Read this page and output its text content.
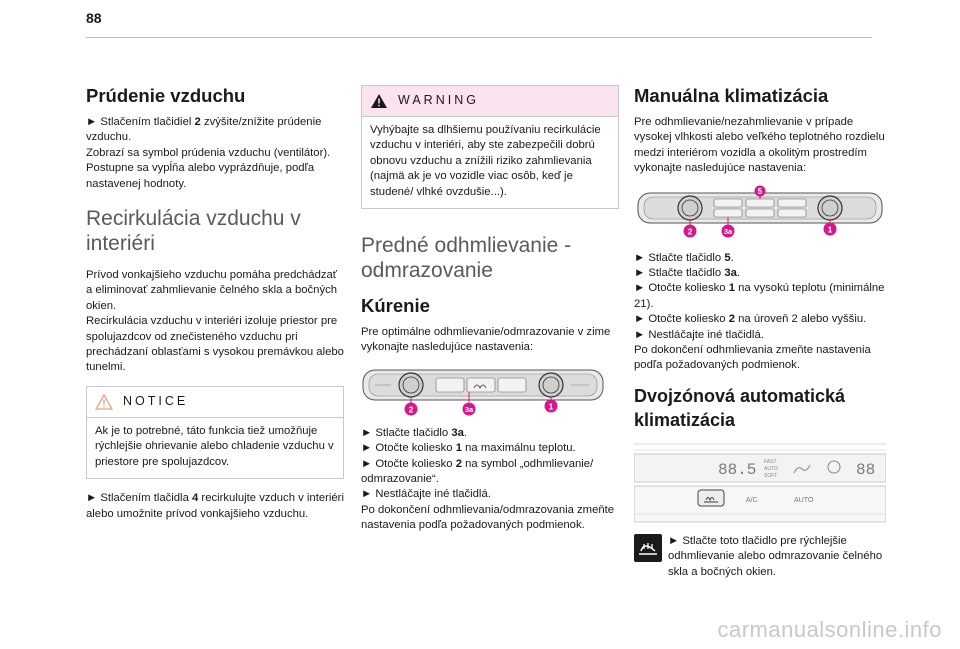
88
Prúdenie vzduchu

► Stlačením tlačidiel 2 zvýšite/znížite prúdenie vzduchu.
Zobrazí sa symbol prúdenia vzduchu (ventilátor).
Postupne sa vypĺňa alebo vyprázdňuje, podľa nastavenej hodnoty.

Recirkulácia vzduchu v interiéri

Prívod vonkajšieho vzduchu pomáha predchádzať a eliminovať zahmlievanie čelného skla a bočných okien.
Recirkulácia vzduchu v interiéri izoluje priestor pre spolujazdcov od znečisteného vzduchu pri prechádzaní oblasťami s vysokou premávkou alebo tunelmi.

NOTICE
Ak je to potrebné, táto funkcia tiež umožňuje rýchlejšie ohrievanie alebo chladenie vzduchu v priestore pre spolujazdcov.

► Stlačením tlačidla 4 recirkulujte vzduch v interiéri alebo umožnite prívod vonkajšieho vzduchu.

WARNING
Vyhýbajte sa dlhšiemu používaniu recirkulácie vzduchu v interiéri, aby ste zabezpečili dobrú obnovu vzduchu a znížili riziko zahmlievania (najmä ak je vo vozidle viac osôb, keď je studené/ vlhké ovzdušie...).
Predné odhmlievanie - odmrazovanie
Kúrenie

Pre optimálne odhmlievanie/odmrazovanie v zime vykonajte nasledujúce nastavenia:

2	3a	1

► Stlačte tlačidlo 3a.
► Otočte koliesko 1 na maximálnu teplotu.
► Otočte koliesko 2 na symbol „odhmlievanie/ odmrazovanie“.
► Nestláčajte iné tlačidlá.
Po dokončení odhmlievania/odmrazovania zmeňte nastavenia podľa požadovaných podmienok.

Manuálna klimatizácia

Pre odhmlievanie/nezahmlievanie v prípade vysokej vlhkosti alebo veľkého teplotného rozdielu medzi interiérom vozidla a okolitým prostredím vykonajte nasledujúce nastavenia:

5
2	3a	1

► Stlačte tlačidlo 5.
► Stlačte tlačidlo 3a.
► Otočte koliesko 1 na vysokú teplotu (minimálne 21).
► Otočte koliesko 2 na úroveň 2 alebo vyššiu.
► Nestláčajte iné tlačidlá.
Po dokončení odhmlievania zmeňte nastavenia podľa požadovaných podmienok.

Dvojzónová automatická klimatizácia
88.5 FAST
AUTO
SOFT	88
A/C	AUTO
► Stlačte toto tlačidlo pre rýchlejšie odhmlievanie alebo odmrazovanie čelného skla a bočných okien.
carmanualsonline.info
